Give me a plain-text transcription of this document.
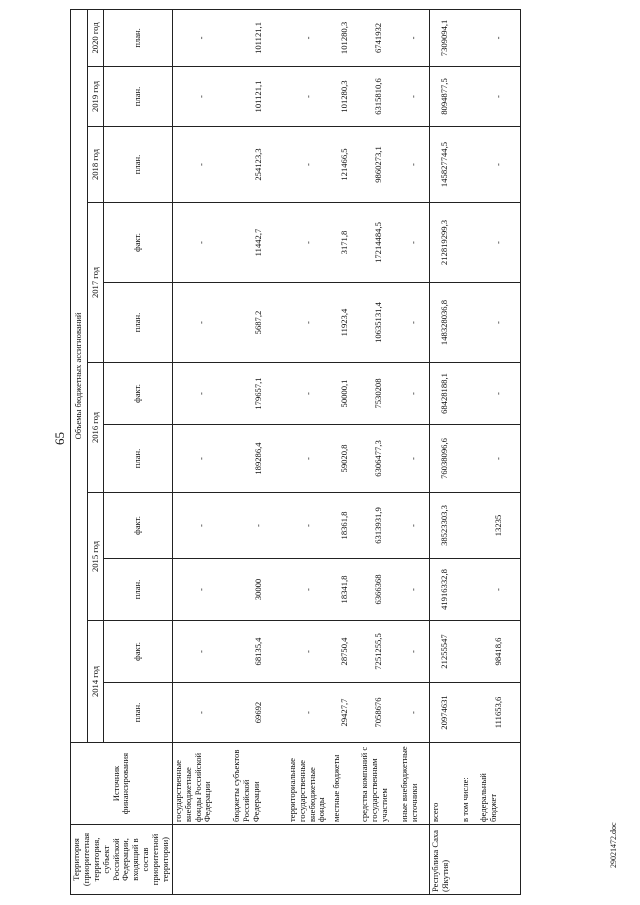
65
Территория (приоритетная территория, субъект Российской Федерации, входящий в состав приоритетной территории)	Источник финансирования	Объемы бюджетных ассигнований										
		2014 год		2015 год		2016 год		2017 год		2018 год	2019 год	2020 год
		план.	факт.	план.	факт.	план.	факт.	план.	факт.	план.	план.	план.
	государственные внебюджетные фонды Российской Федерации	-	-	-	-	-	-	-	-	-	-	-
	бюджеты субъектов Российской Федерации	69692	68135,4	30000	-	189286,4	179657,1	5687,2	11442,7	254123,3	101121,1	101121,1
	территориальные государственные внебюджетные фонды	-	-	-	-	-	-	-	-	-	-	-
	местные бюджеты	29427,7	28750,4	18341,8	18361,8	59020,8	50000,1	11923,4	3171,8	121466,5	101280,3	101280,3
	средства компаний с государственным участием	7058676	7251255,5	6366368	6313931,9	6306477,3	7530208	10635131,4	17214484,5	9860273,1	6315810,6	6741932
	иные внебюджетные источники	-	-	-	-	-	-	-	-	-	-	-
Республика Саха (Якутия)	всего	20974631	21255547	41916332,8	38523303,3	76038096,6	68428188,1	148328036,8	212819299,3	145827744,5	8094877,5	7309094,1
	в том числе:											
	федеральный бюджет	111653,6	98418,6	-	13235	-	-	-	-	-	-	-
29021472.doc
